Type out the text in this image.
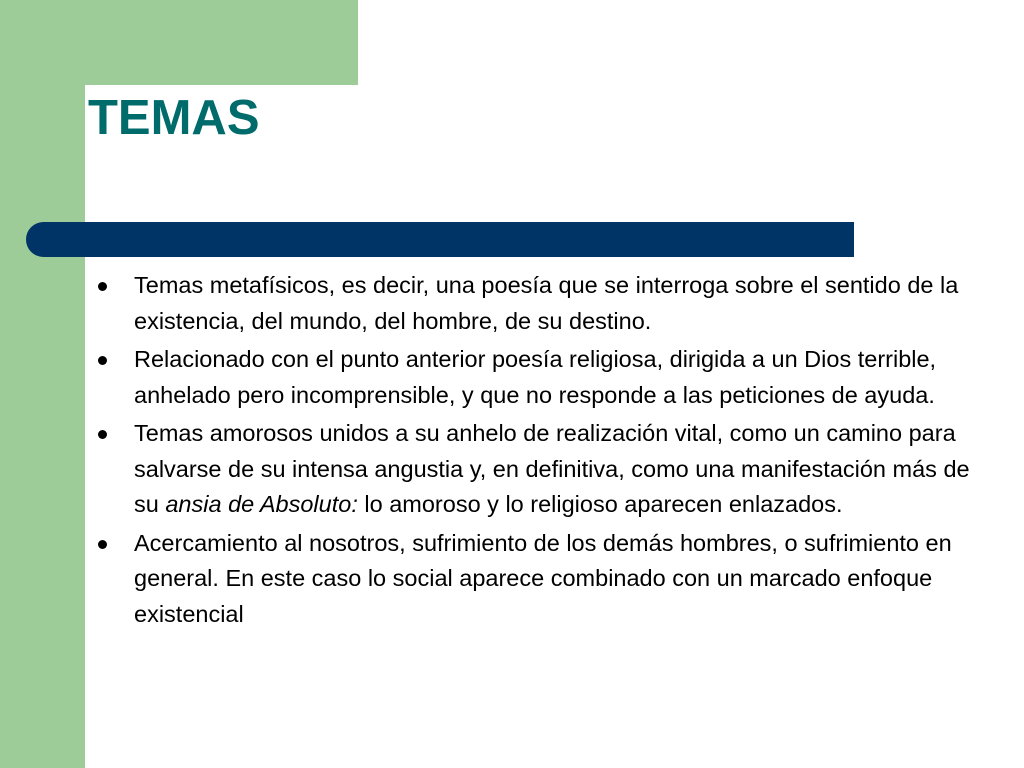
TEMAS
Temas metafísicos, es decir, una poesía que se interroga sobre el sentido de la existencia, del mundo, del hombre, de su destino.
Relacionado con el punto anterior poesía religiosa, dirigida a un Dios terrible, anhelado pero incomprensible, y que no responde a las peticiones de ayuda.
Temas amorosos unidos a su anhelo de realización vital, como un camino para salvarse de su intensa angustia y, en definitiva, como una manifestación más de su ansia de Absoluto: lo amoroso y lo religioso aparecen enlazados.
Acercamiento al nosotros, sufrimiento de los demás hombres, o sufrimiento en general. En este caso lo social aparece combinado con un marcado enfoque existencial
